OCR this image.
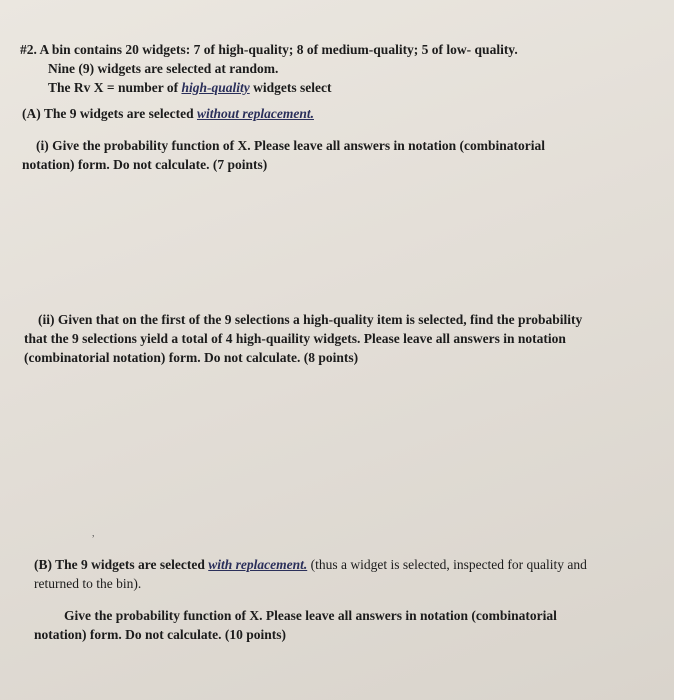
#2. A bin contains 20 widgets: 7 of high-quality; 8 of medium-quality; 5 of low- quality.
Nine (9) widgets are selected at random.
The Rv X = number of high-quality widgets select
(A) The 9 widgets are selected without replacement.
(i) Give the probability function of X. Please leave all answers in notation (combinatorial
notation) form. Do not calculate. (7 points)
(ii) Given that on the first of the 9 selections a high-quality item is selected, find the probability
that the 9 selections yield a total of 4 high-quaility widgets. Please leave all answers in notation
(combinatorial notation) form. Do not calculate. (8 points)
,
(B) The 9 widgets are selected with replacement. (thus a widget is selected, inspected for quality and
returned to the bin).
Give the probability function of X. Please leave all answers in notation (combinatorial
notation) form. Do not calculate. (10 points)
